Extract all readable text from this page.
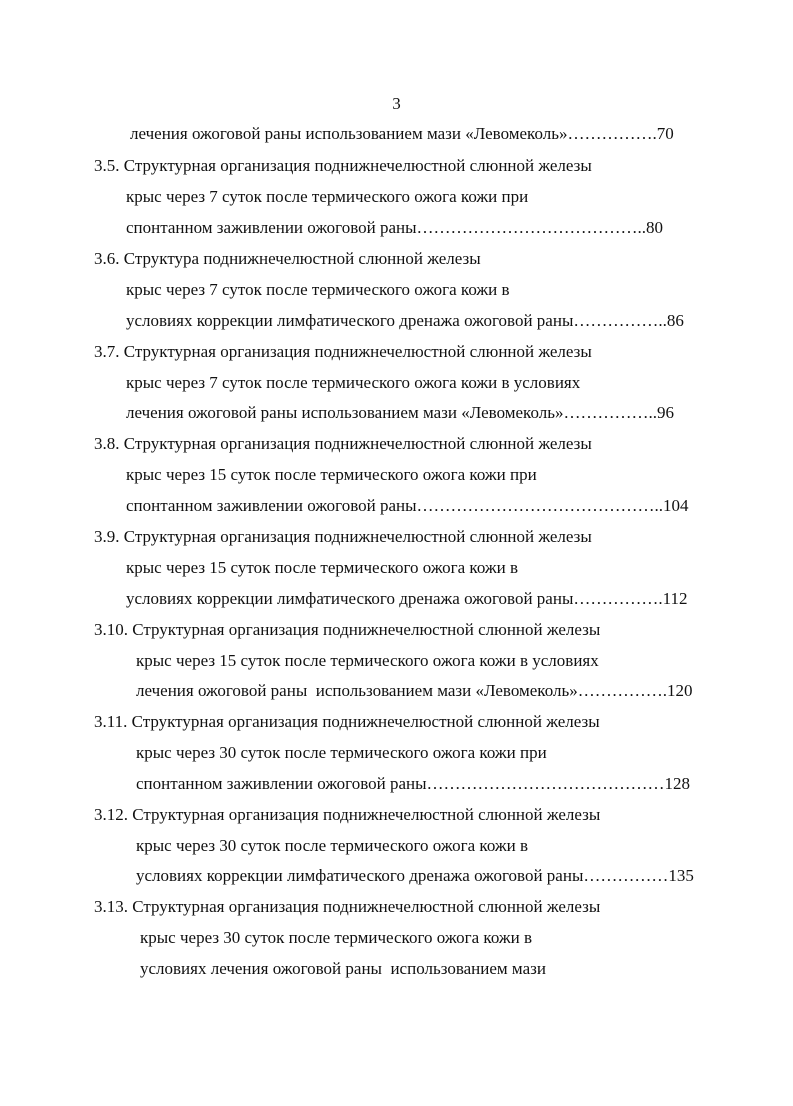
3
лечения ожоговой раны использованием мази «Левомеколь»…………….70
3.5. Структурная организация поднижнечелюстной слюнной железы
крыс через 7 суток после термического ожога кожи при
спонтанном заживлении ожоговой раны…………………………………..80
3.6. Структура поднижнечелюстной слюнной железы
крыс через 7 суток после термического ожога кожи в
условиях коррекции лимфатического дренажа ожоговой раны……………..86
3.7. Структурная организация поднижнечелюстной слюнной железы
крыс через 7 суток после термического ожога кожи в условиях
лечения ожоговой раны использованием мази «Левомеколь»……………..96
3.8. Структурная организация поднижнечелюстной слюнной железы
крыс через 15 суток после термического ожога кожи при
спонтанном заживлении ожоговой раны……………………………………..104
3.9. Структурная организация поднижнечелюстной слюнной железы
крыс через 15 суток после термического ожога кожи в
условиях коррекции лимфатического дренажа ожоговой раны…………….112
3.10. Структурная организация поднижнечелюстной слюнной железы
крыс через 15 суток после термического ожога кожи в условиях
лечения ожоговой раны  использованием мази «Левомеколь»…………….120
3.11. Структурная организация поднижнечелюстной слюнной железы
крыс через 30 суток после термического ожога кожи при
спонтанном заживлении ожоговой раны……………………………………128
3.12. Структурная организация поднижнечелюстной слюнной железы
крыс через 30 суток после термического ожога кожи в
условиях коррекции лимфатического дренажа ожоговой раны……………135
3.13. Структурная организация поднижнечелюстной слюнной железы
крыс через 30 суток после термического ожога кожи в
условиях лечения ожоговой раны  использованием мази
